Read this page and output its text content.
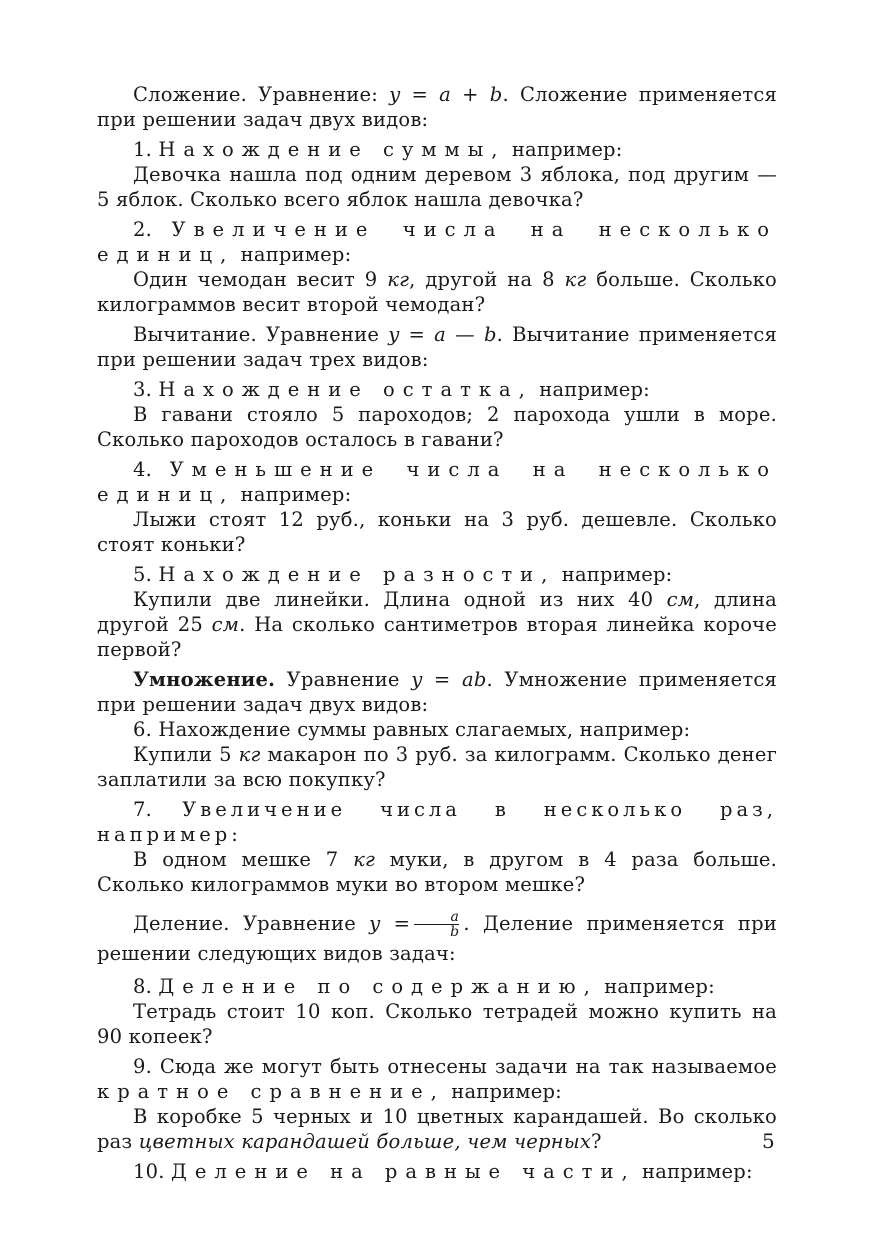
Сложение. Уравнение: y = a + b. Сложение применяется при решении задач двух видов:

1. Нахождение суммы, например:

Девочка нашла под одним деревом 3 яблока, под другим — 5 яблок. Сколько всего яблок нашла девочка?

2. Увеличение числа на несколько единиц, например:

Один чемодан весит 9 кг, другой на 8 кг больше. Сколько килограммов весит второй чемодан?

Вычитание. Уравнение y = a — b. Вычитание применяется при решении задач трех видов:

3. Нахождение остатка, например:

В гавани стояло 5 пароходов; 2 парохода ушли в море. Сколько пароходов осталось в гавани?

4. Уменьшение числа на несколько единиц, например:

Лыжи стоят 12 руб., коньки на 3 руб. дешевле. Сколько стоят коньки?

5. Нахождение разности, например:

Купили две линейки. Длина одной из них 40 см, длина другой 25 см. На сколько сантиметров вторая линейка короче первой?

Умножение. Уравнение y = ab. Умножение применяется при решении задач двух видов:

6. Нахождение суммы равных слагаемых, например:

Купили 5 кг макарон по 3 руб. за килограмм. Сколько денег заплатили за всю покупку?

7. Увеличение числа в несколько раз, например:

В одном мешке 7 кг муки, в другом в 4 раза больше. Сколько килограммов муки во втором мешке?

Деление. Уравнение $y = \frac{a}{b}$ . Деление применяется при решении следующих видов задач:

8. Деление по содержанию, например:

Тетрадь стоит 10 коп. Сколько тетрадей можно купить на 90 копеек?

9. Сюда же могут быть отнесены задачи на так называемое кратное сравнение, например:

В коробке 5 черных и 10 цветных карандашей. Во сколько раз цветных карандашей больше, чем черных?

10. Деление на равные части, например:

5
